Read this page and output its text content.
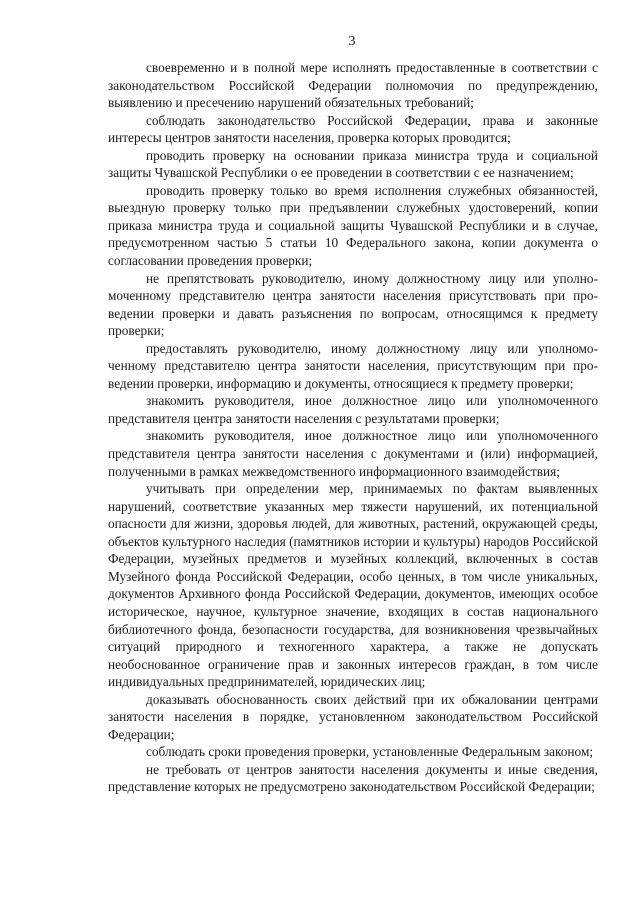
3

своевременно и в полной мере исполнять предоставленные в соответствии с законодательством Российской Федерации полномочия по предупреждению, выявлению и пресечению нарушений обязательных требований;

соблюдать законодательство Российской Федерации, права и законные интересы центров занятости населения, проверка которых проводится;

проводить проверку на основании приказа министра труда и социальной защиты Чувашской Республики о ее проведении в соответствии с ее назначением;

проводить проверку только во время исполнения служебных обязанностей, выездную проверку только при предъявлении служебных удостоверений, копии приказа министра труда и социальной защиты Чувашской Республики и в случае, предусмотренном частью 5 статьи 10 Федерального закона, копии документа о согласовании проведения проверки;

не препятствовать руководителю, иному должностному лицу или уполномоченному представителю центра занятости населения присутствовать при проведении проверки и давать разъяснения по вопросам, относящимся к предмету проверки;

предоставлять руководителю, иному должностному лицу или уполномоченному представителю центра занятости населения, присутствующим при проведении проверки, информацию и документы, относящиеся к предмету проверки;

знакомить руководителя, иное должностное лицо или уполномоченного представителя центра занятости населения с результатами проверки;

знакомить руководителя, иное должностное лицо или уполномоченного представителя центра занятости населения с документами и (или) информацией, полученными в рамках межведомственного информационного взаимодействия;

учитывать при определении мер, принимаемых по фактам выявленных нарушений, соответствие указанных мер тяжести нарушений, их потенциальной опасности для жизни, здоровья людей, для животных, растений, окружающей среды, объектов культурного наследия (памятников истории и культуры) народов Российской Федерации, музейных предметов и музейных коллекций, включенных в состав Музейного фонда Российской Федерации, особо ценных, в том числе уникальных, документов Архивного фонда Российской Федерации, документов, имеющих особое историческое, научное, культурное значение, входящих в состав национального библиотечного фонда, безопасности государства, для возникновения чрезвычайных ситуаций природного и техногенного характера, а также не допускать необоснованное ограничение прав и законных интересов граждан, в том числе индивидуальных предпринимателей, юридических лиц;

доказывать обоснованность своих действий при их обжаловании центрами занятости населения в порядке, установленном законодательством Российской Федерации;

соблюдать сроки проведения проверки, установленные Федеральным законом;

не требовать от центров занятости населения документы и иные сведения, представление которых не предусмотрено законодательством Российской Федерации;
